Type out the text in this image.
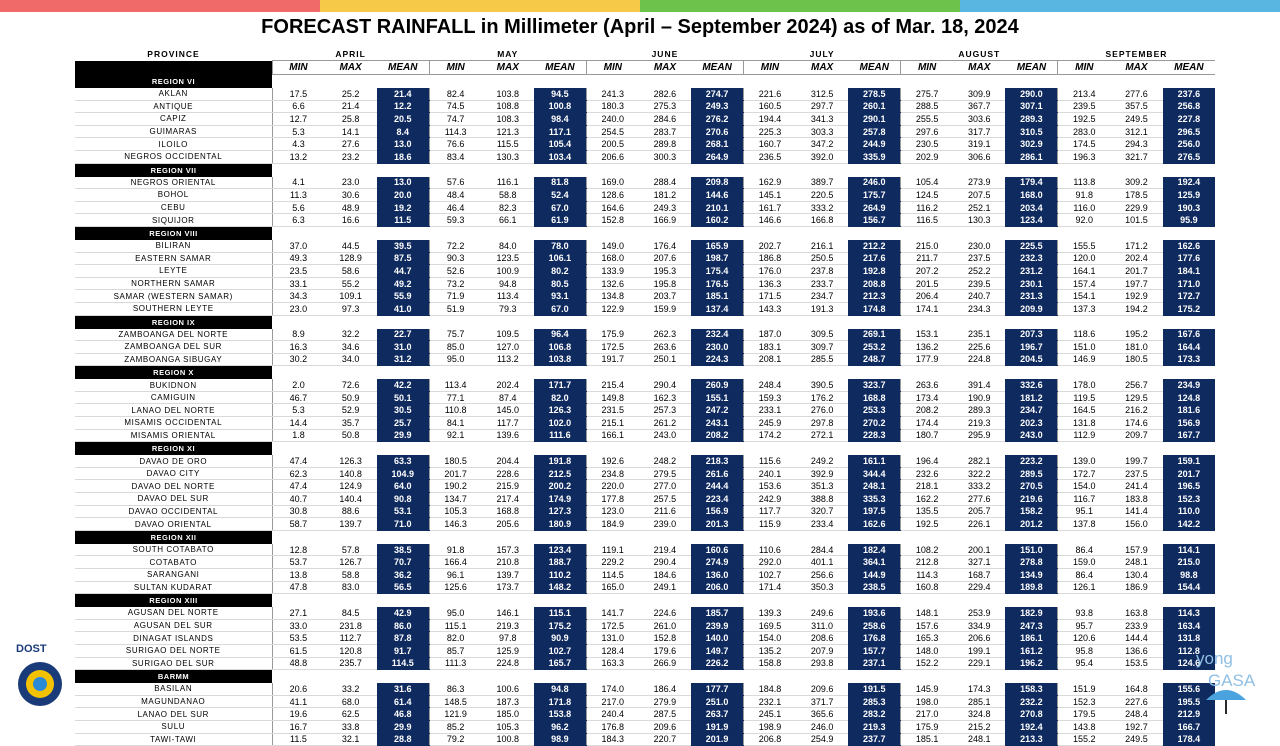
FORECAST RAINFALL in Millimeter (April – September 2024) as of Mar. 18, 2024
PROVINCE	APRIL			MAY			JUNE			JULY			AUGUST			SEPTEMBER		
	MIN	MAX	MEAN	MIN	MAX	MEAN	MIN	MAX	MEAN	MIN	MAX	MEAN	MIN	MAX	MEAN	MIN	MAX	MEAN
REGION VI																		
AKLAN	17.5	25.2	21.4	82.4	103.8	94.5	241.3	282.6	274.7	221.6	312.5	278.5	275.7	309.9	290.0	213.4	277.6	237.6
ANTIQUE	6.6	21.4	12.2	74.5	108.8	100.8	180.3	275.3	249.3	160.5	297.7	260.1	288.5	367.7	307.1	239.5	357.5	256.8
CAPIZ	12.7	25.8	20.5	74.7	108.3	98.4	240.0	284.6	276.2	194.4	341.3	290.1	255.5	303.6	289.3	192.5	249.5	227.8
GUIMARAS	5.3	14.1	8.4	114.3	121.3	117.1	254.5	283.7	270.6	225.3	303.3	257.8	297.6	317.7	310.5	283.0	312.1	296.5
ILOILO	4.3	27.6	13.0	76.6	115.5	105.4	200.5	289.8	268.1	160.7	347.2	244.9	230.5	319.1	302.9	174.5	294.3	256.0
NEGROS OCCIDENTAL	13.2	23.2	18.6	83.4	130.3	103.4	206.6	300.3	264.9	236.5	392.0	335.9	202.9	306.6	286.1	196.3	321.7	276.5
REGION VII																		
NEGROS ORIENTAL	4.1	23.0	13.0	57.6	116.1	81.8	169.0	288.4	209.8	162.9	389.7	246.0	105.4	273.9	179.4	113.8	309.2	192.4
BOHOL	11.3	30.6	20.0	48.4	58.8	52.4	128.6	181.2	144.6	145.1	220.5	175.7	124.5	207.5	168.0	91.8	178.5	125.9
CEBU	5.6	48.9	19.2	46.4	82.3	67.0	164.6	249.3	210.1	161.7	333.2	264.9	116.2	252.1	203.4	116.0	229.9	190.3
SIQUIJOR	6.3	16.6	11.5	59.3	66.1	61.9	152.8	166.9	160.2	146.6	166.8	156.7	116.5	130.3	123.4	92.0	101.5	95.9
REGION VIII																		
BILIRAN	37.0	44.5	39.5	72.2	84.0	78.0	149.0	176.4	165.9	202.7	216.1	212.2	215.0	230.0	225.5	155.5	171.2	162.6
EASTERN SAMAR	49.3	128.9	87.5	90.3	123.5	106.1	168.0	207.6	198.7	186.8	250.5	217.6	211.7	237.5	232.3	120.0	202.4	177.6
LEYTE	23.5	58.6	44.7	52.6	100.9	80.2	133.9	195.3	175.4	176.0	237.8	192.8	207.2	252.2	231.2	164.1	201.7	184.1
NORTHERN SAMAR	33.1	55.2	49.2	73.2	94.8	80.5	132.6	195.8	176.5	136.3	233.7	208.8	201.5	239.5	230.1	157.4	197.7	171.0
SAMAR (WESTERN SAMAR)	34.3	109.1	55.9	71.9	113.4	93.1	134.8	203.7	185.1	171.5	234.7	212.3	206.4	240.7	231.3	154.1	192.9	172.7
SOUTHERN LEYTE	23.0	97.3	41.0	51.9	79.3	67.0	122.9	159.9	137.4	143.3	191.3	174.8	174.1	234.3	209.9	137.3	194.2	175.2
REGION IX																		
ZAMBOANGA DEL NORTE	8.9	32.2	22.7	75.7	109.5	96.4	175.9	262.3	232.4	187.0	309.5	269.1	153.1	235.1	207.3	118.6	195.2	167.6
ZAMBOANGA DEL SUR	16.3	34.6	31.0	85.0	127.0	106.8	172.5	263.6	230.0	183.1	309.7	253.2	136.2	225.6	196.7	151.0	181.0	164.4
ZAMBOANGA SIBUGAY	30.2	34.0	31.2	95.0	113.2	103.8	191.7	250.1	224.3	208.1	285.5	248.7	177.9	224.8	204.5	146.9	180.5	173.3
REGION X																		
BUKIDNON	2.0	72.6	42.2	113.4	202.4	171.7	215.4	290.4	260.9	248.4	390.5	323.7	263.6	391.4	332.6	178.0	256.7	234.9
CAMIGUIN	46.7	50.9	50.1	77.1	87.4	82.0	149.8	162.3	155.1	159.3	176.2	168.8	173.4	190.9	181.2	119.5	129.5	124.8
LANAO DEL NORTE	5.3	52.9	30.5	110.8	145.0	126.3	231.5	257.3	247.2	233.1	276.0	253.3	208.2	289.3	234.7	164.5	216.2	181.6
MISAMIS OCCIDENTAL	14.4	35.7	25.7	84.1	117.7	102.0	215.1	261.2	243.1	245.9	297.8	270.2	174.4	219.3	202.3	131.8	174.6	156.9
MISAMIS ORIENTAL	1.8	50.8	29.9	92.1	139.6	111.6	166.1	243.0	208.2	174.2	272.1	228.3	180.7	295.9	243.0	112.9	209.7	167.7
REGION XI																		
DAVAO DE ORO	47.4	126.3	63.3	180.5	204.4	191.8	192.6	248.2	218.3	115.6	249.2	161.1	196.4	282.1	223.2	139.0	199.7	159.1
DAVAO CITY	62.3	140.8	104.9	201.7	228.6	212.5	234.8	279.5	261.6	240.1	392.9	344.4	232.6	322.2	289.5	172.7	237.5	201.7
DAVAO DEL NORTE	47.4	124.9	64.0	190.2	215.9	200.2	220.0	277.0	244.4	153.6	351.3	248.1	218.1	333.2	270.5	154.0	241.4	196.5
DAVAO DEL SUR	40.7	140.4	90.8	134.7	217.4	174.9	177.8	257.5	223.4	242.9	388.8	335.3	162.2	277.6	219.6	116.7	183.8	152.3
DAVAO OCCIDENTAL	30.8	88.6	53.1	105.3	168.8	127.3	123.0	211.6	156.9	117.7	320.7	197.5	135.5	205.7	158.2	95.1	141.4	110.0
DAVAO ORIENTAL	58.7	139.7	71.0	146.3	205.6	180.9	184.9	239.0	201.3	115.9	233.4	162.6	192.5	226.1	201.2	137.8	156.0	142.2
REGION XII																		
SOUTH COTABATO	12.8	57.8	38.5	91.8	157.3	123.4	119.1	219.4	160.6	110.6	284.4	182.4	108.2	200.1	151.0	86.4	157.9	114.1
COTABATO	53.7	126.7	70.7	166.4	210.8	188.7	229.2	290.4	274.9	292.0	401.1	364.1	212.8	327.1	278.8	159.0	248.1	215.0
SARANGANI	13.8	58.8	36.2	96.1	139.7	110.2	114.5	184.6	136.0	102.7	256.6	144.9	114.3	168.7	134.9	86.4	130.4	98.8
SULTAN KUDARAT	47.8	83.0	56.5	125.6	173.7	148.2	165.0	249.1	206.0	171.4	350.3	238.5	160.8	229.4	189.8	126.1	186.9	154.4
REGION XIII																		
AGUSAN DEL NORTE	27.1	84.5	42.9	95.0	146.1	115.1	141.7	224.6	185.7	139.3	249.6	193.6	148.1	253.9	182.9	93.8	163.8	114.3
AGUSAN DEL SUR	33.0	231.8	86.0	115.1	219.3	175.2	172.5	261.0	239.9	169.5	311.0	258.6	157.6	334.9	247.3	95.7	233.9	163.4
DINAGAT ISLANDS	53.5	112.7	87.8	82.0	97.8	90.9	131.0	152.8	140.0	154.0	208.6	176.8	165.3	206.6	186.1	120.6	144.4	131.8
SURIGAO DEL NORTE	61.5	120.8	91.7	85.7	125.9	102.7	128.4	179.6	149.7	135.2	207.9	157.7	148.0	199.1	161.2	95.8	136.6	112.8
SURIGAO DEL SUR	48.8	235.7	114.5	111.3	224.8	165.7	163.3	266.9	226.2	158.8	293.8	237.1	152.2	229.1	196.2	95.4	153.5	124.6
BARMM																		
BASILAN	20.6	33.2	31.6	86.3	100.6	94.8	174.0	186.4	177.7	184.8	209.6	191.5	145.9	174.3	158.3	151.9	164.8	155.6
MAGUNDANAO	41.1	68.0	61.4	148.5	187.3	171.8	217.0	279.9	251.0	232.1	371.7	285.3	198.0	285.1	232.2	152.3	227.6	195.5
LANAO DEL SUR	19.6	62.5	46.8	121.9	185.0	153.8	240.4	287.5	263.7	245.1	365.6	283.2	217.0	324.8	270.8	179.5	248.4	212.9
SULU	16.7	33.8	29.9	85.2	105.3	96.2	176.8	209.6	191.9	198.9	246.0	219.3	175.9	215.2	192.4	143.8	192.7	166.7
TAWI-TAWI	11.5	32.1	28.8	79.2	100.8	98.9	184.3	220.7	201.9	206.8	254.9	237.7	185.1	248.1	213.3	155.2	249.5	178.4
DOST	yong
GASA
